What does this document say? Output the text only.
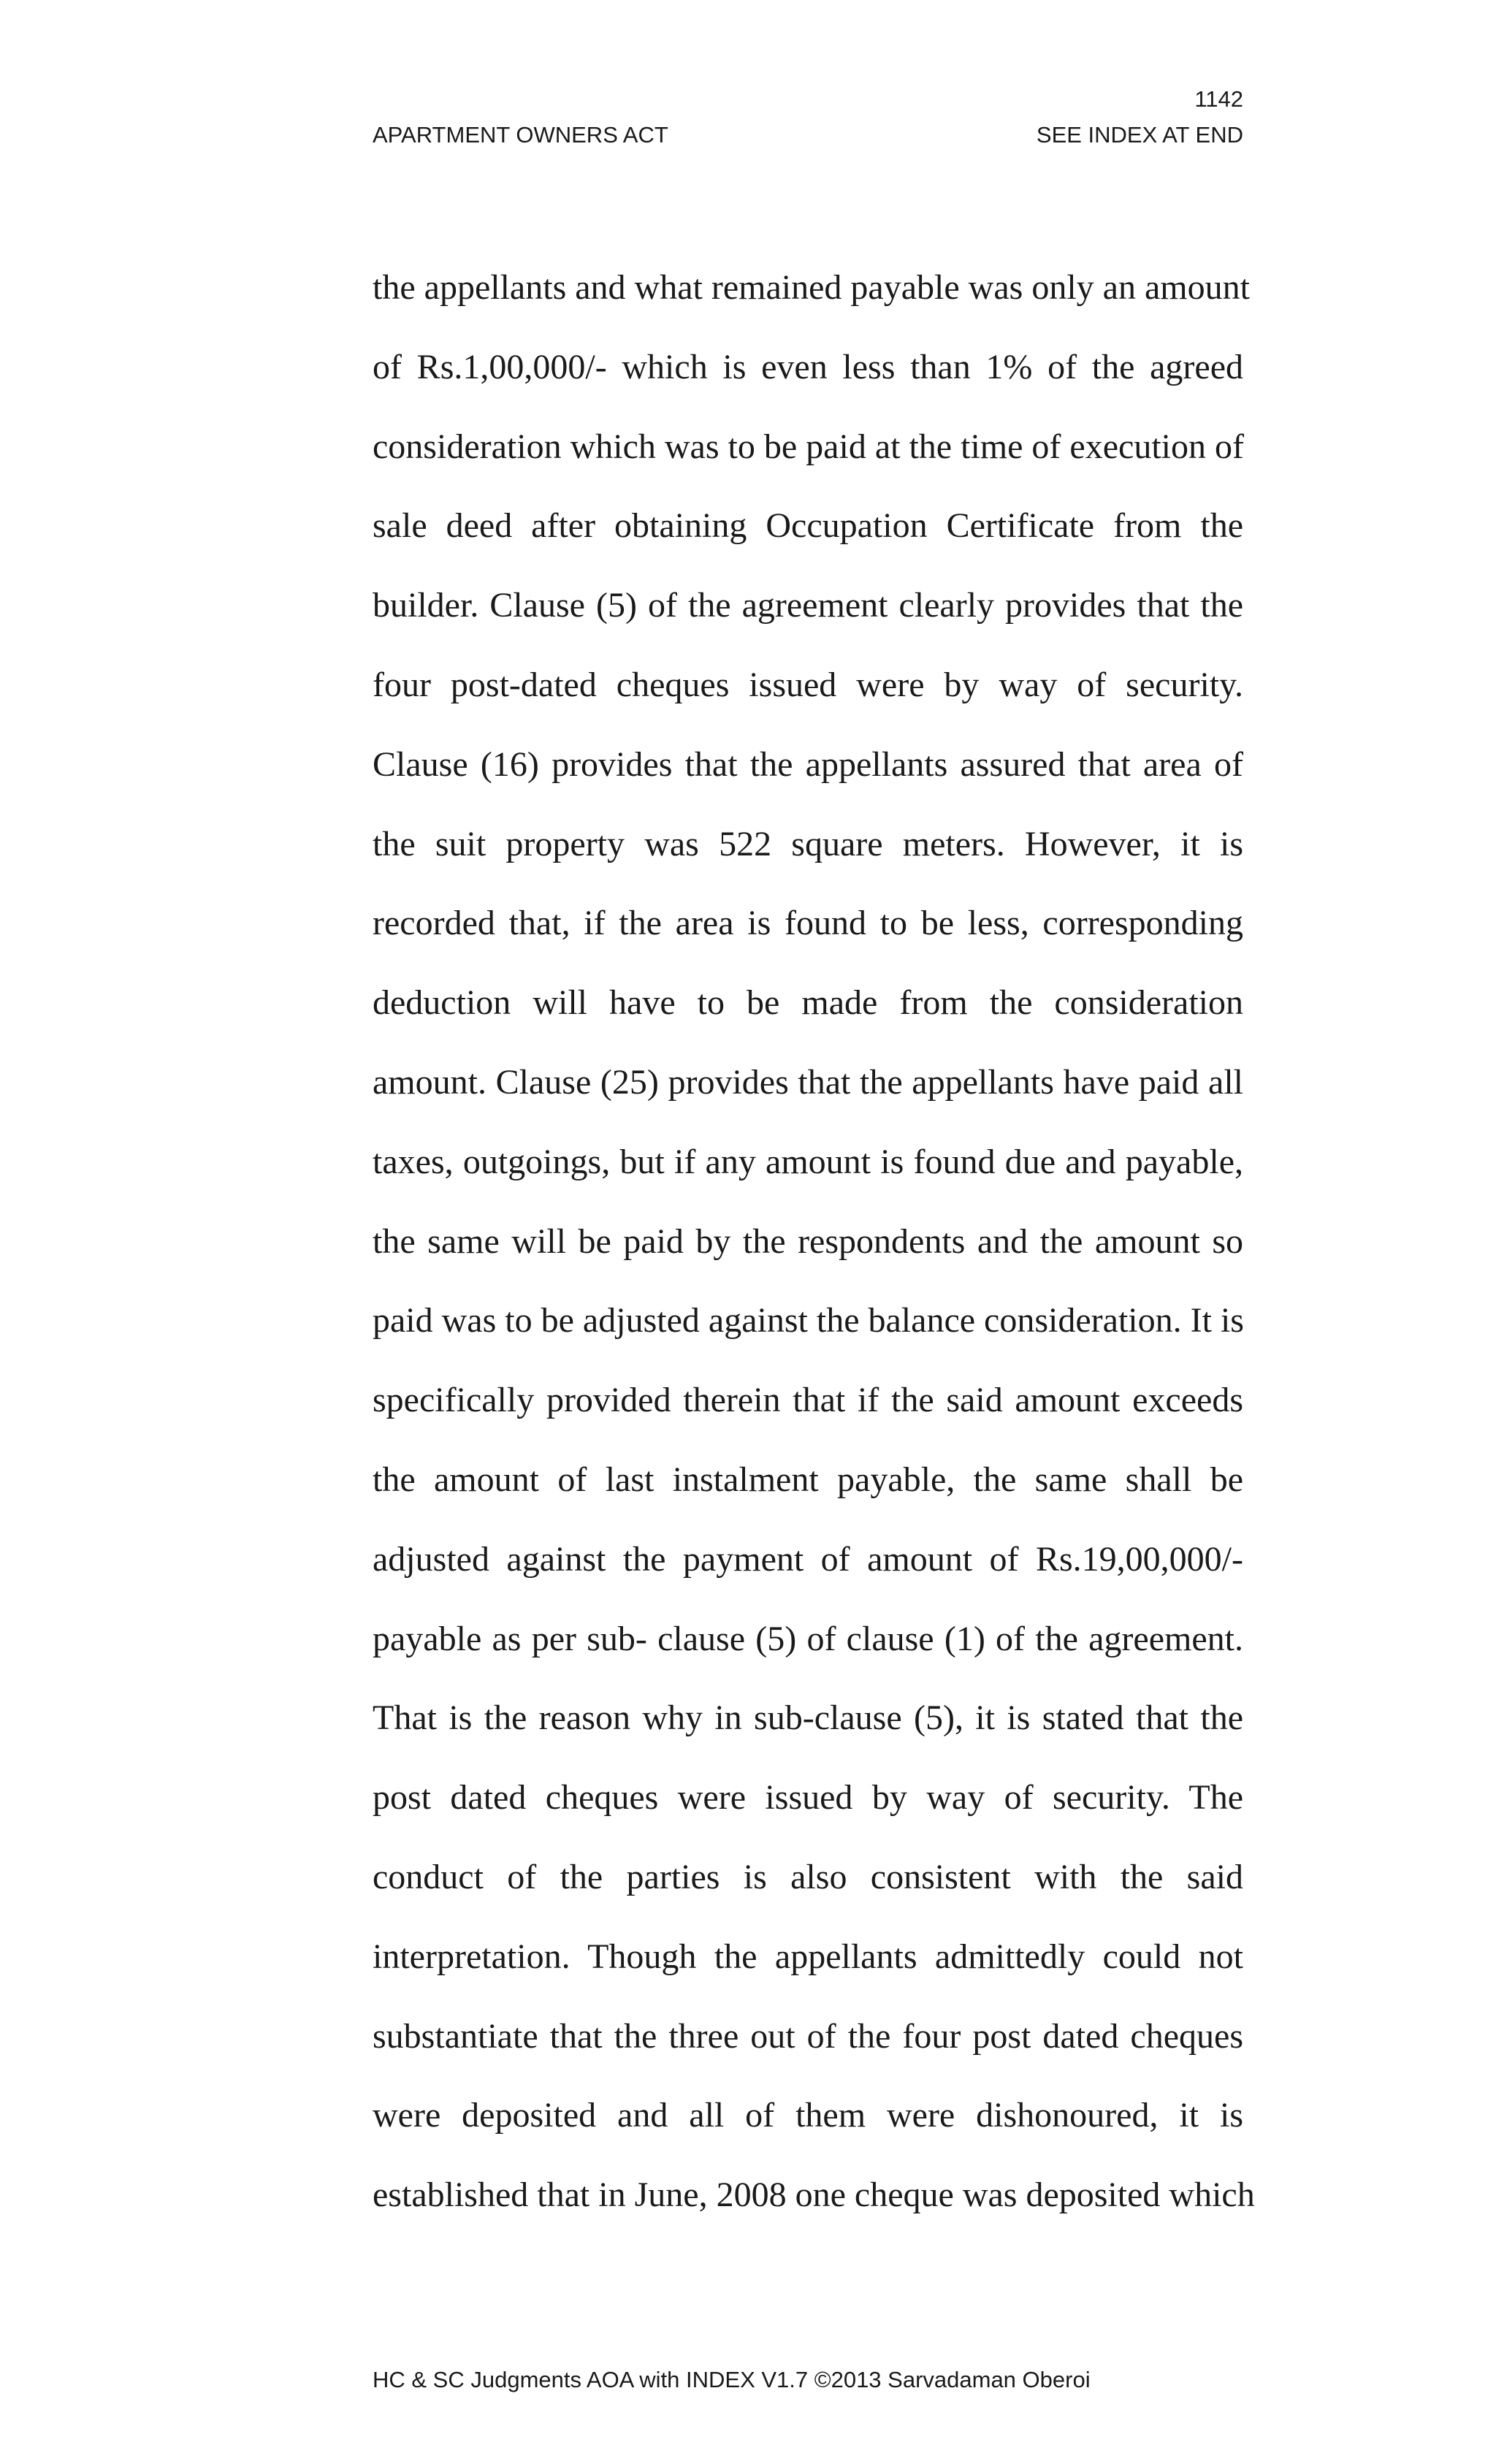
1142
APARTMENT OWNERS ACT	SEE INDEX AT END
the appellants and what remained payable was only an amount
of Rs.1,00,000/- which is even less than 1% of the agreed
consideration which was to be paid at the time of execution of
sale deed after obtaining Occupation Certificate from the
builder. Clause (5) of the agreement clearly provides that the
four post-dated cheques issued were by way of security.
Clause (16) provides that the appellants assured that area of
the suit property was 522 square meters. However, it is
recorded that, if the area is found to be less, corresponding
deduction will have to be made from the consideration
amount. Clause (25) provides that the appellants have paid all
taxes, outgoings, but if any amount is found due and payable,
the same will be paid by the respondents and the amount so
paid was to be adjusted against the balance consideration. It is
specifically provided therein that if the said amount exceeds
the amount of last instalment payable, the same shall be
adjusted against the payment of amount of Rs.19,00,000/-
payable as per sub- clause (5) of clause (1) of the agreement.
That is the reason why in sub-clause (5), it is stated that the
post dated cheques were issued by way of security. The
conduct of the parties is also consistent with the said
interpretation. Though the appellants admittedly could not
substantiate that the three out of the four post dated cheques
were deposited and all of them were dishonoured, it is
established that in June, 2008 one cheque was deposited which
HC & SC Judgments AOA with INDEX V1.7 ©2013 Sarvadaman Oberoi
